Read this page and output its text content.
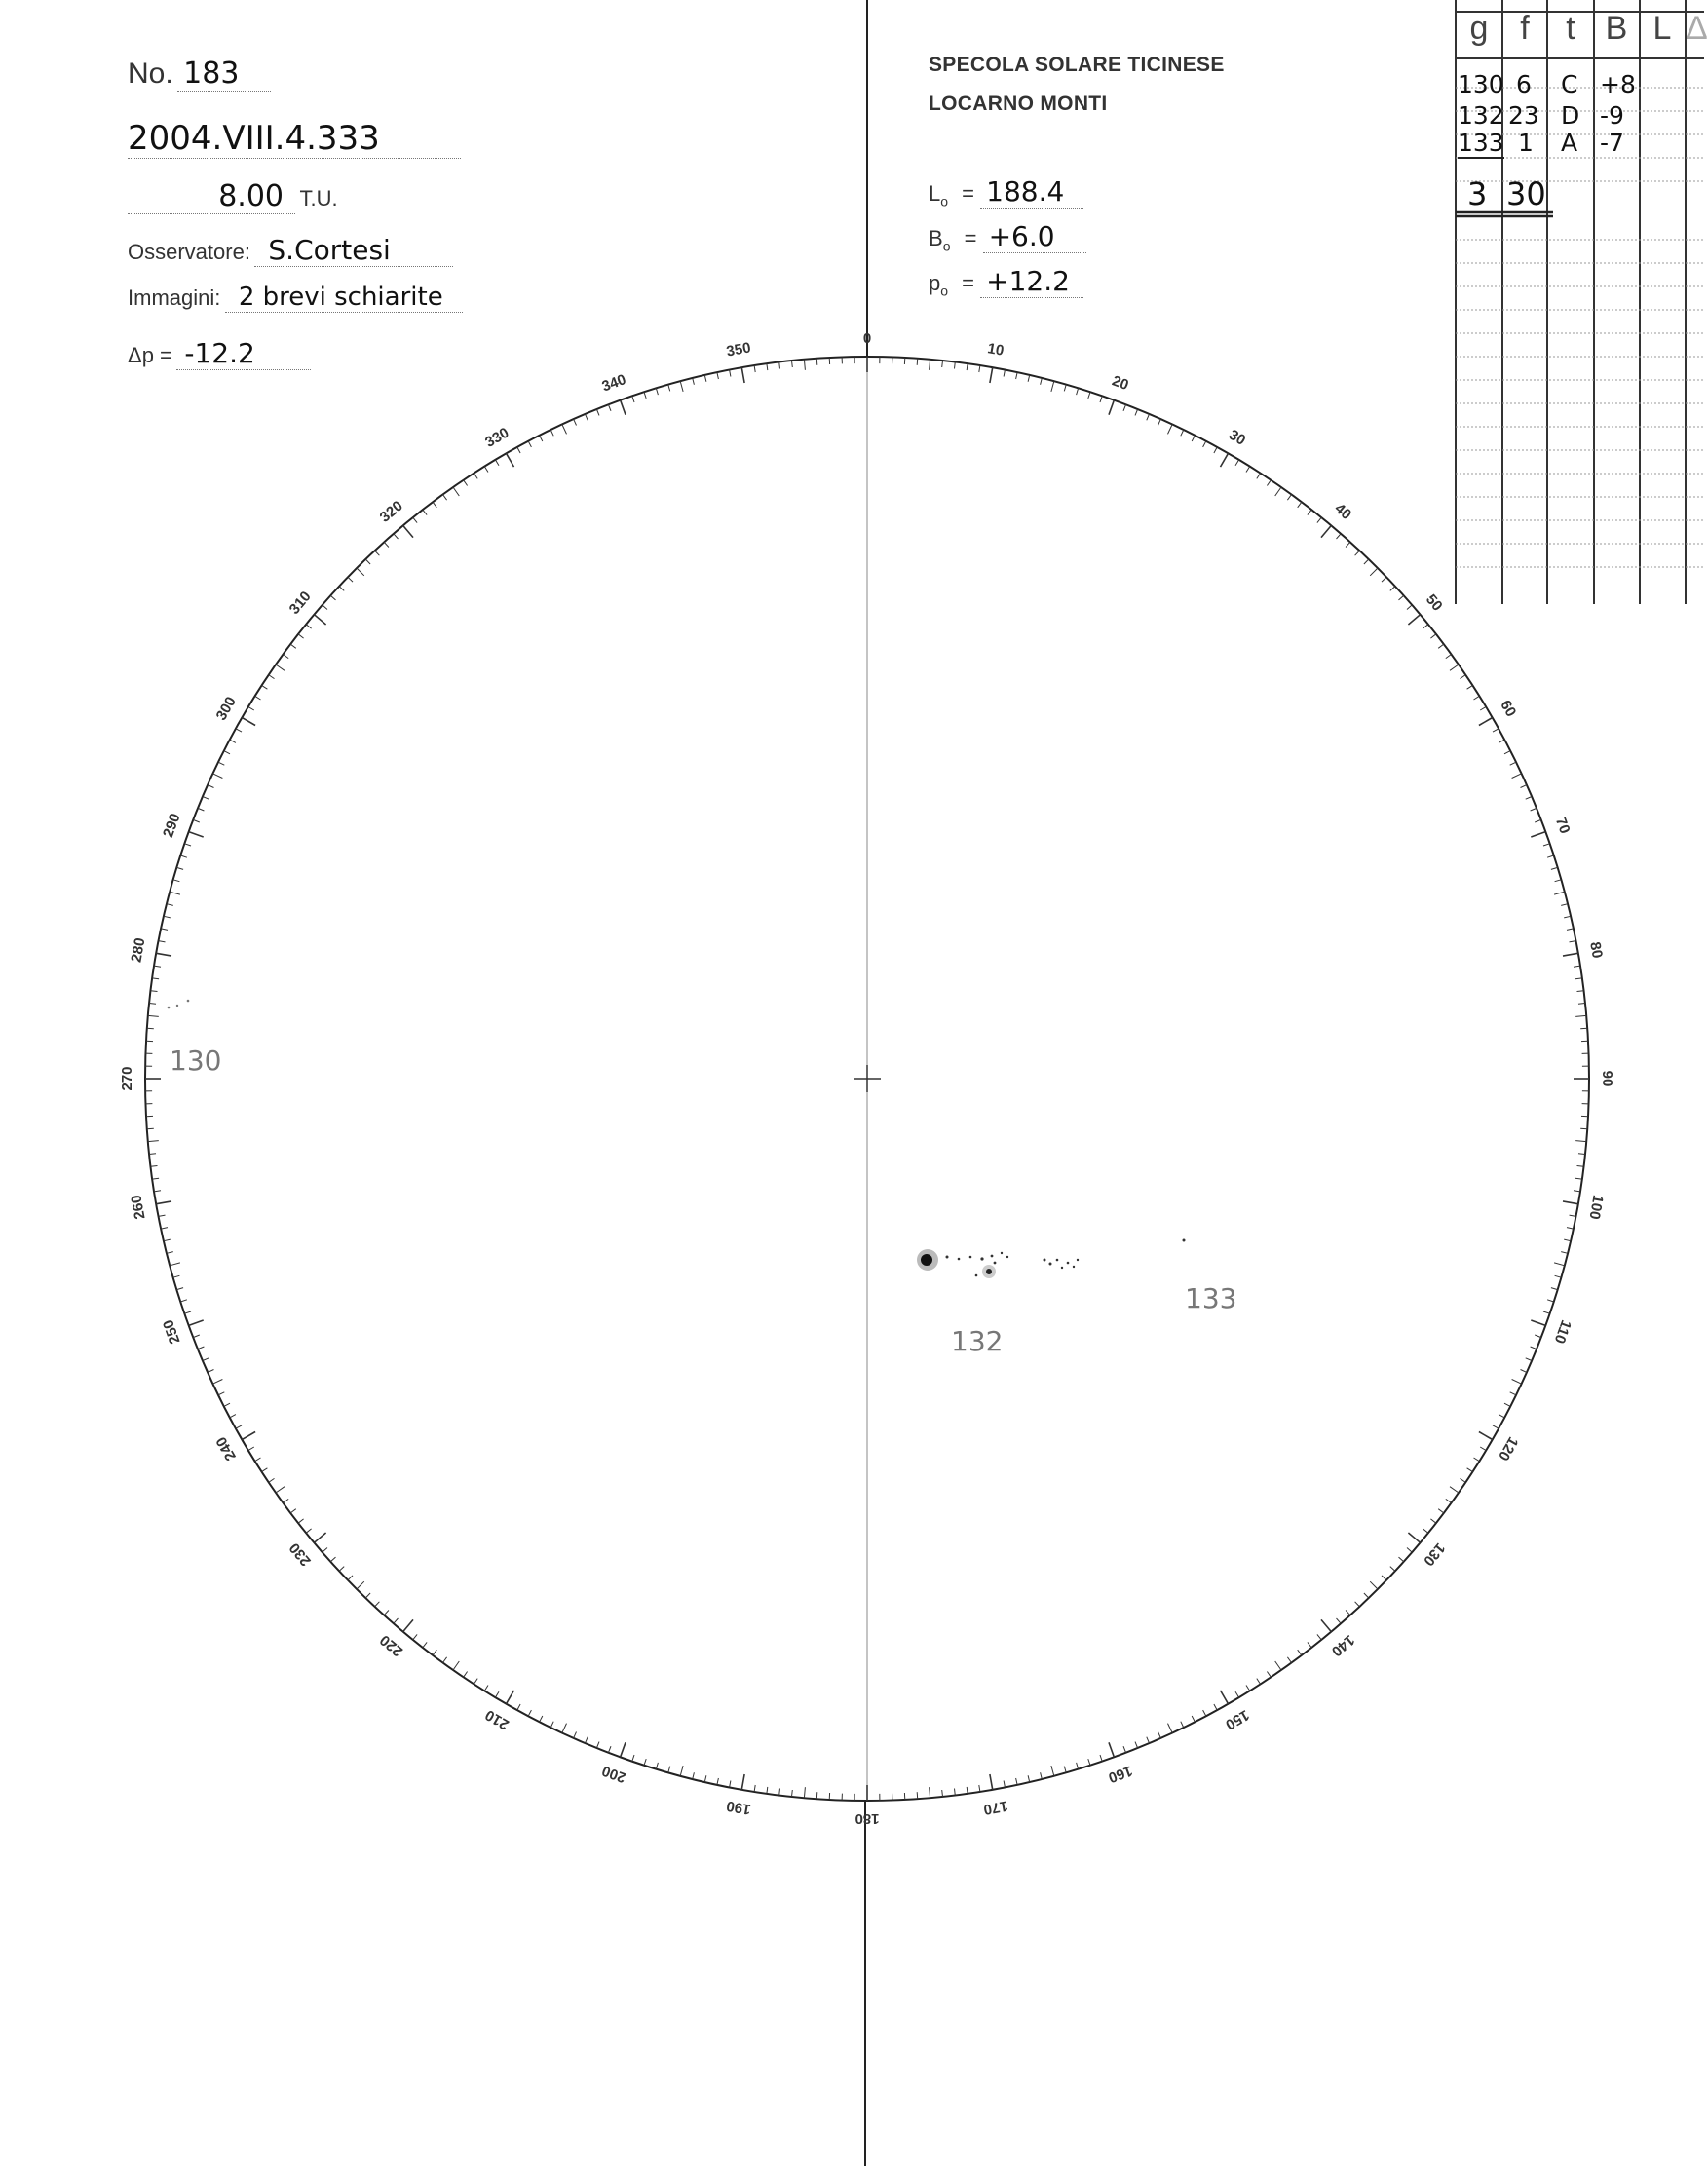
No. 183
2004.VIII.4.333
8.00 T.U.
Osservatore: S.Cortesi
Immagini: 2 brevi schiarite
Δp = -12.2
SPECOLA SOLARE TICINESE
LOCARNO MONTI
$L_o = 188.4$
$B_o = +6.0$
$p_o = +12.2$
g f	t B L Δ
130 6 C +8
132 23 D -9
133 1 A -7
3 30
0
10
20
30
40
50
60
70
80
90
100
110
120
130
140
150
160
170
180
190
200
210
220
230
240
250
260
270
280
290
300
310
320
330
340
350
130
132
133
